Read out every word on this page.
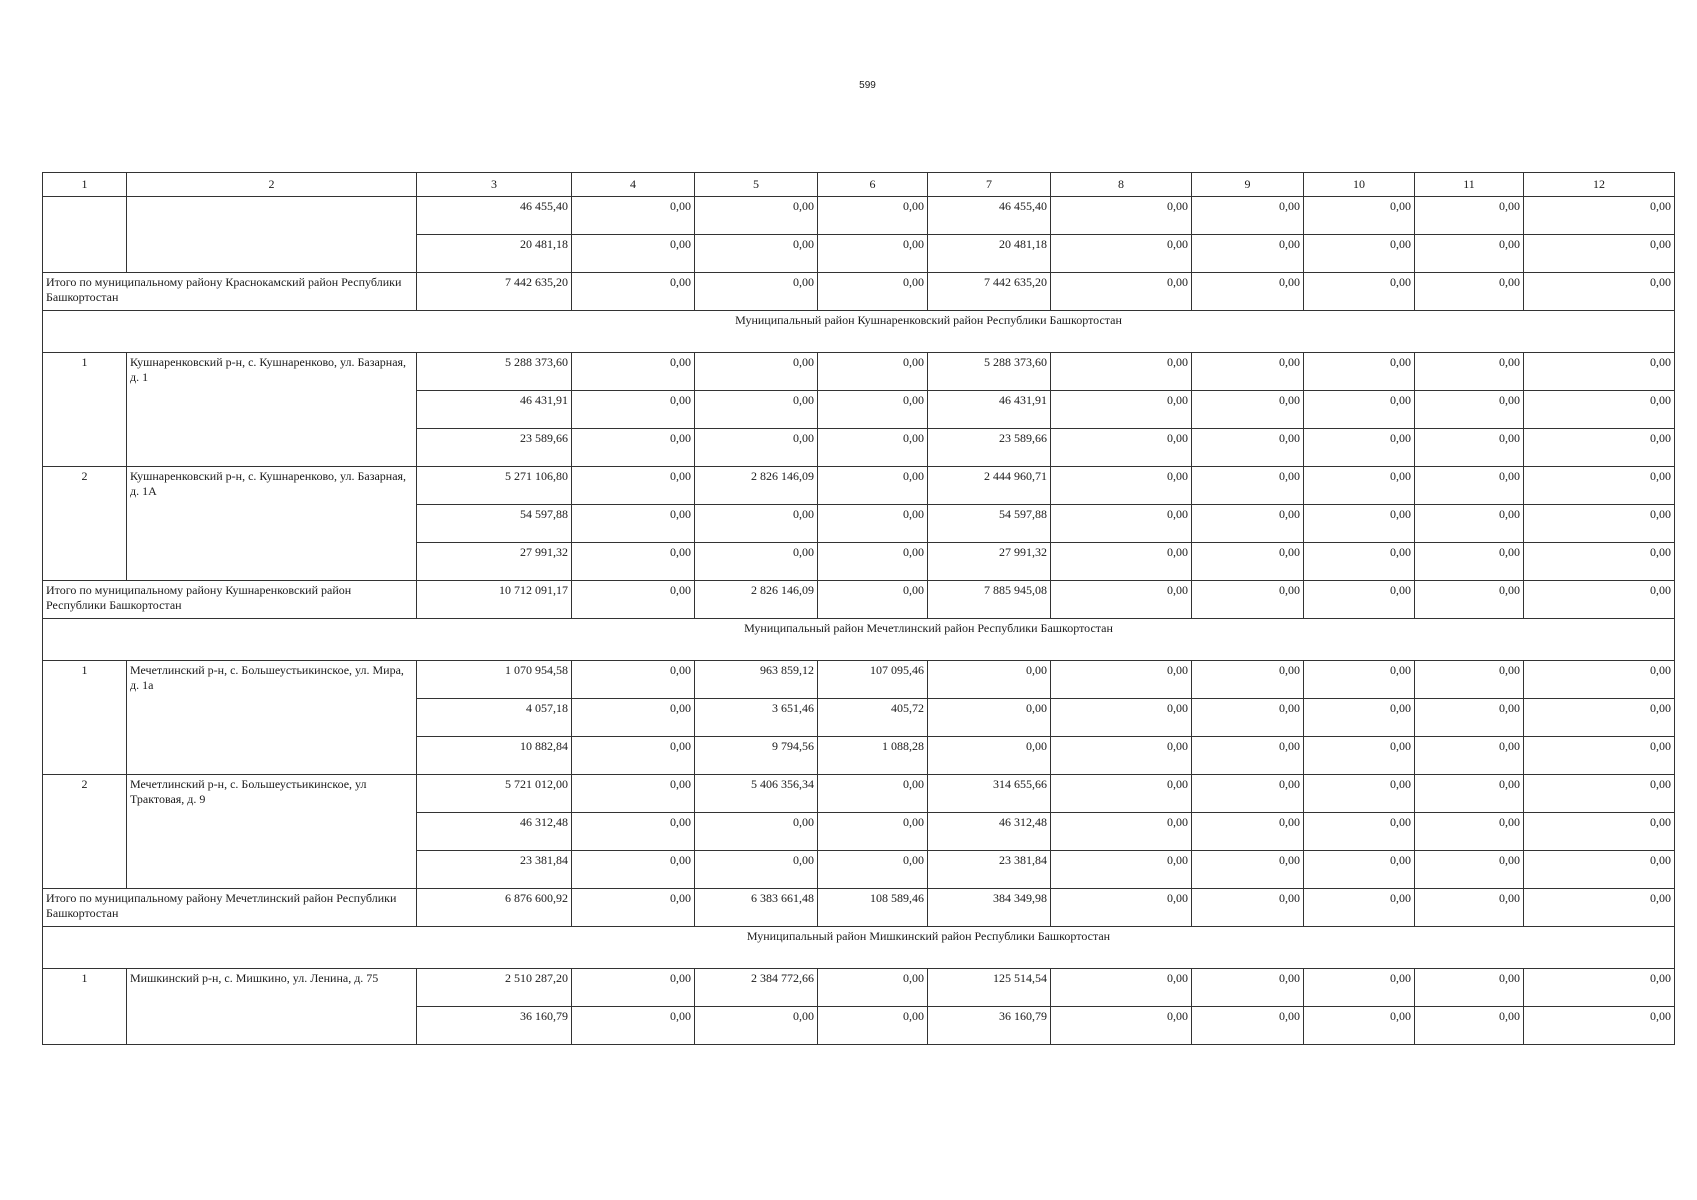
599
1	2	3	4	5	6	7	8	9	10	11	12
		46 455,40	0,00	0,00	0,00	46 455,40	0,00	0,00	0,00	0,00	0,00
		20 481,18	0,00	0,00	0,00	20 481,18	0,00	0,00	0,00	0,00	0,00
Итого по муниципальному району Краснокамский район Республики Башкортостан		7 442 635,20	0,00	0,00	0,00	7 442 635,20	0,00	0,00	0,00	0,00	0,00
Муниципальный район Кушнаренковский район Республики Башкортостан											
1	Кушнаренковский р-н, с. Кушнаренково, ул. Базарная, д. 1	5 288 373,60	0,00	0,00	0,00	5 288 373,60	0,00	0,00	0,00	0,00	0,00
		46 431,91	0,00	0,00	0,00	46 431,91	0,00	0,00	0,00	0,00	0,00
		23 589,66	0,00	0,00	0,00	23 589,66	0,00	0,00	0,00	0,00	0,00
2	Кушнаренковский р-н, с. Кушнаренково, ул. Базарная, д. 1А	5 271 106,80	0,00	2 826 146,09	0,00	2 444 960,71	0,00	0,00	0,00	0,00	0,00
		54 597,88	0,00	0,00	0,00	54 597,88	0,00	0,00	0,00	0,00	0,00
		27 991,32	0,00	0,00	0,00	27 991,32	0,00	0,00	0,00	0,00	0,00
Итого по муниципальному району Кушнаренковский район Республики Башкортостан		10 712 091,17	0,00	2 826 146,09	0,00	7 885 945,08	0,00	0,00	0,00	0,00	0,00
Муниципальный район Мечетлинский район Республики Башкортостан											
1	Мечетлинский р-н, с. Большеустьикинское, ул. Мира, д. 1а	1 070 954,58	0,00	963 859,12	107 095,46	0,00	0,00	0,00	0,00	0,00	0,00
		4 057,18	0,00	3 651,46	405,72	0,00	0,00	0,00	0,00	0,00	0,00
		10 882,84	0,00	9 794,56	1 088,28	0,00	0,00	0,00	0,00	0,00	0,00
2	Мечетлинский р-н, с. Большеустьикинское, ул Трактовая, д. 9	5 721 012,00	0,00	5 406 356,34	0,00	314 655,66	0,00	0,00	0,00	0,00	0,00
		46 312,48	0,00	0,00	0,00	46 312,48	0,00	0,00	0,00	0,00	0,00
		23 381,84	0,00	0,00	0,00	23 381,84	0,00	0,00	0,00	0,00	0,00
Итого по муниципальному району Мечетлинский район Республики Башкортостан		6 876 600,92	0,00	6 383 661,48	108 589,46	384 349,98	0,00	0,00	0,00	0,00	0,00
Муниципальный район Мишкинский район Республики Башкортостан											
1	Мишкинский р-н, с. Мишкино, ул. Ленина, д. 75	2 510 287,20	0,00	2 384 772,66	0,00	125 514,54	0,00	0,00	0,00	0,00	0,00
		36 160,79	0,00	0,00	0,00	36 160,79	0,00	0,00	0,00	0,00	0,00
